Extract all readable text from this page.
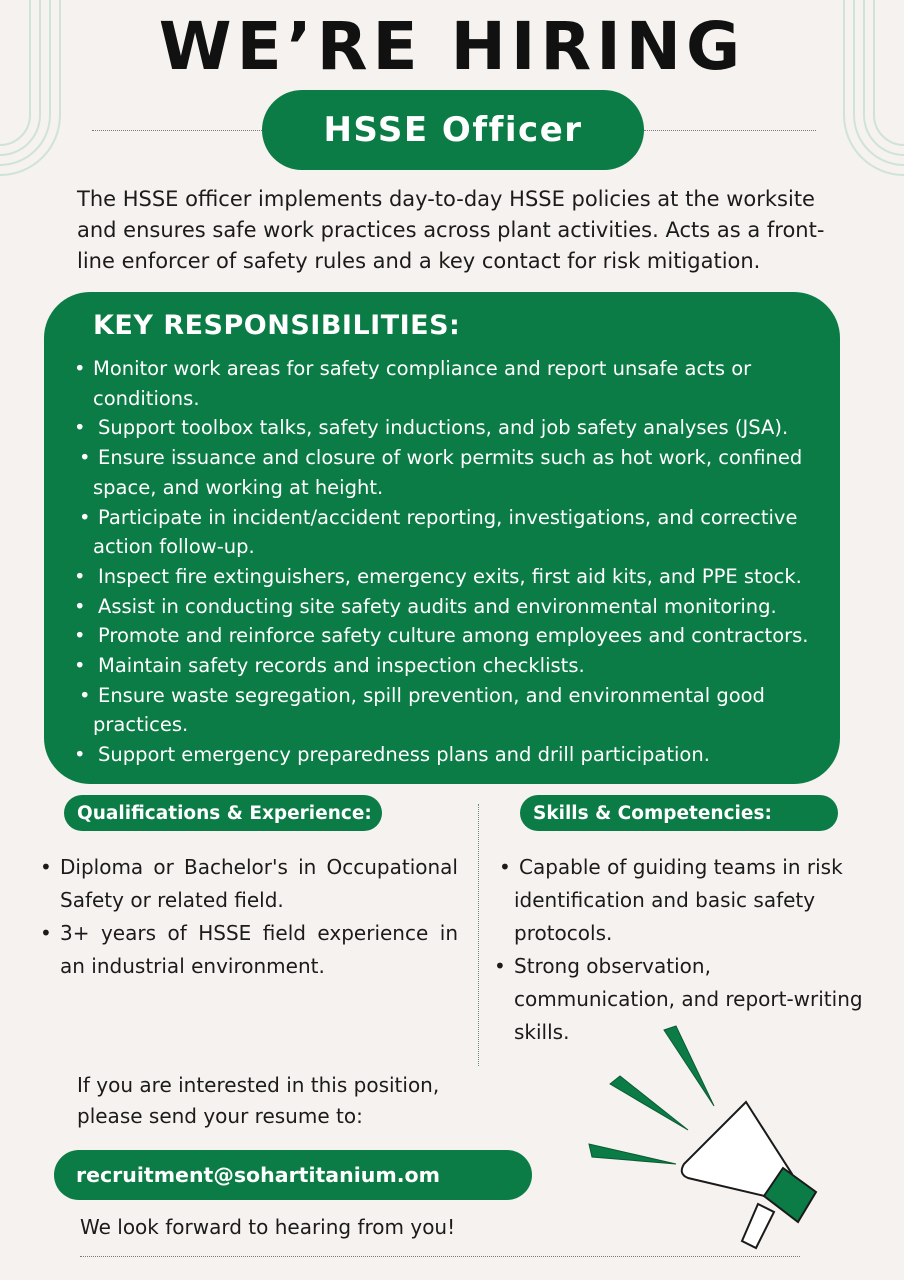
WE’RE HIRING
HSSE Officer

The HSSE officer implements day-to-day HSSE policies at the worksite and ensures safe work practices across plant activities. Acts as a front-line enforcer of safety rules and a key contact for risk mitigation.

KEY RESPONSIBILITIES:
• Monitor work areas for safety compliance and report unsafe acts or conditions.
• Support toolbox talks, safety inductions, and job safety analyses (JSA).
• Ensure issuance and closure of work permits such as hot work, confined space, and working at height.
• Participate in incident/accident reporting, investigations, and corrective action follow-up.
• Inspect fire extinguishers, emergency exits, first aid kits, and PPE stock.
• Assist in conducting site safety audits and environmental monitoring.
• Promote and reinforce safety culture among employees and contractors.
• Maintain safety records and inspection checklists.
• Ensure waste segregation, spill prevention, and environmental good practices.
• Support emergency preparedness plans and drill participation.
Qualifications & Experience:	Skills & Competencies:
• Diploma or Bachelor's in Occupational Safety or related field.
• 3+ years of HSSE field experience in an industrial environment.
• Capable of guiding teams in risk identification and basic safety protocols.
• Strong observation, communication, and report-writing skills.
If you are interested in this position,
please send your resume to:
recruitment@sohartitanium.om
We look forward to hearing from you!
